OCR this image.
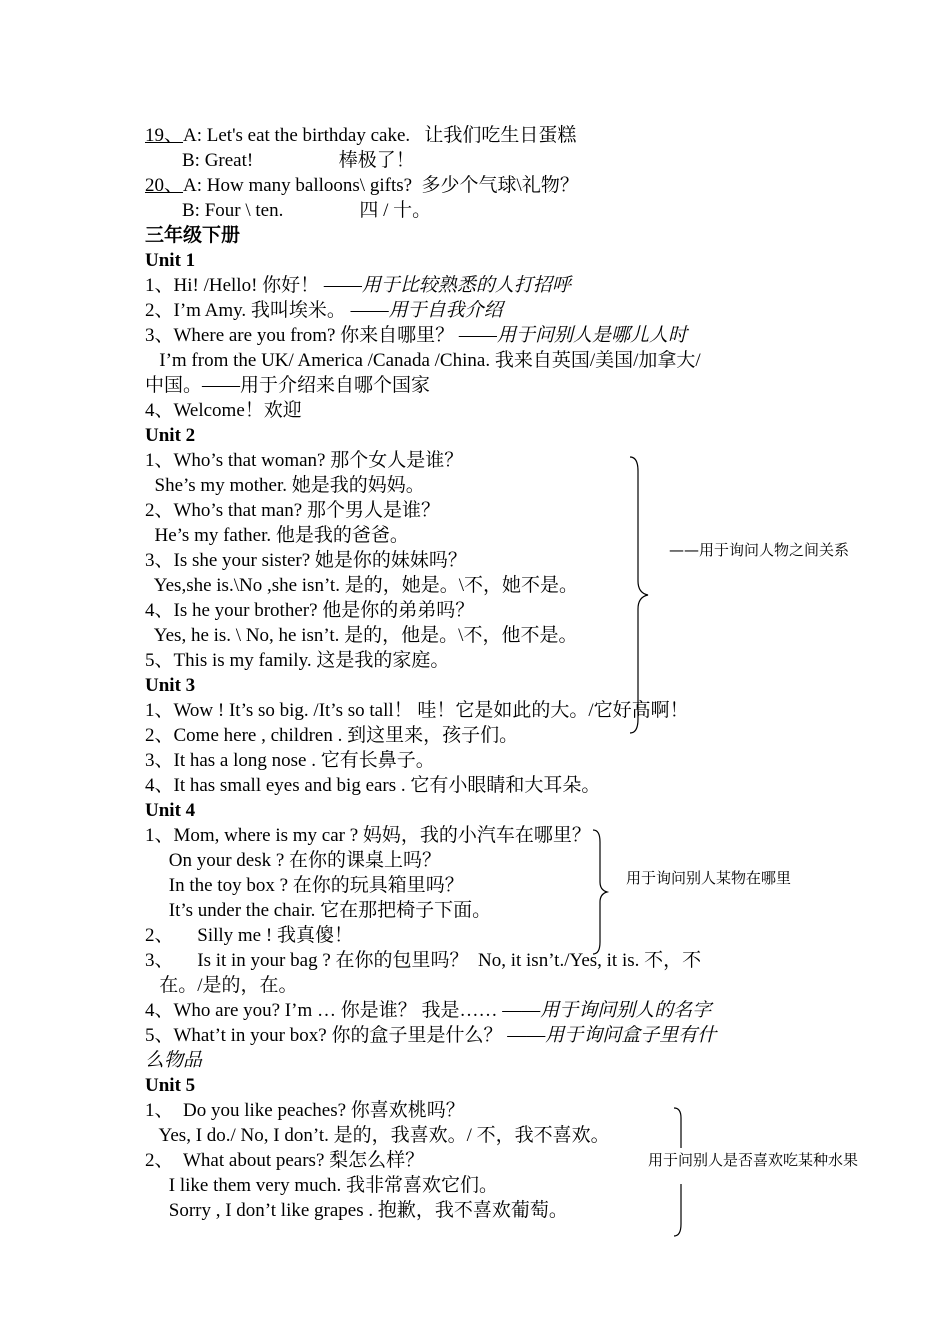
19、A: Let's eat the birthday cake.   让我们吃生日蛋糕
B: Great!                  棒极了！
20、A: How many balloons\ gifts?  多少个气球\礼物？
B: Four \ ten.                四 / 十。
三年级下册
Unit 1
1、Hi! /Hello! 你好！ ——用于比较熟悉的人打招呼
2、I’m Amy. 我叫埃米。 ——用于自我介绍
3、Where are you from? 你来自哪里？ ——用于问别人是哪儿人时
I’m from the UK/ America /Canada /China. 我来自英国/美国/加拿大/
中国。——用于介绍来自哪个国家
4、Welcome！欢迎
Unit 2
1、Who’s that woman? 那个女人是谁？
She’s my mother. 她是我的妈妈。
2、Who’s that man? 那个男人是谁？
He’s my father. 他是我的爸爸。
3、Is she your sister? 她是你的妹妹吗？
Yes,she is.\No ,she isn’t. 是的，她是。\不，她不是。
4、Is he your brother? 他是你的弟弟吗？
Yes, he is. \ No, he isn’t. 是的，他是。\不，他不是。
5、This is my family. 这是我的家庭。
Unit 3
1、Wow ! It’s so big. /It’s so tall！ 哇！它是如此的大。/它好高啊！
2、Come here , children . 到这里来，孩子们。
3、It has a long nose . 它有长鼻子。
4、It has small eyes and big ears . 它有小眼睛和大耳朵。
Unit 4
1、Mom, where is my car ? 妈妈，我的小汽车在哪里？
On your desk ? 在你的课桌上吗？
In the toy box ? 在你的玩具箱里吗？
It’s under the chair. 它在那把椅子下面。
2、     Silly me ! 我真傻！
3、     Is it in your bag ? 在你的包里吗？  No, it isn’t./Yes, it is. 不，不
在。/是的，在。
4、Who are you? I’m … 你是谁？ 我是…… ——用于询问别人的名字
5、What’t in your box? 你的盒子里是什么？ ——用于询问盒子里有什
么物品
Unit 5
1、  Do you like peaches? 你喜欢桃吗？
Yes, I do./ No, I don’t. 是的，我喜欢。/ 不，我不喜欢。
2、  What about pears? 梨怎么样？
I like them very much. 我非常喜欢它们。
Sorry , I don’t like grapes . 抱歉，我不喜欢葡萄。
——用于询问人物之间关系
用于询问别人某物在哪里
用于问别人是否喜欢吃某种水果
